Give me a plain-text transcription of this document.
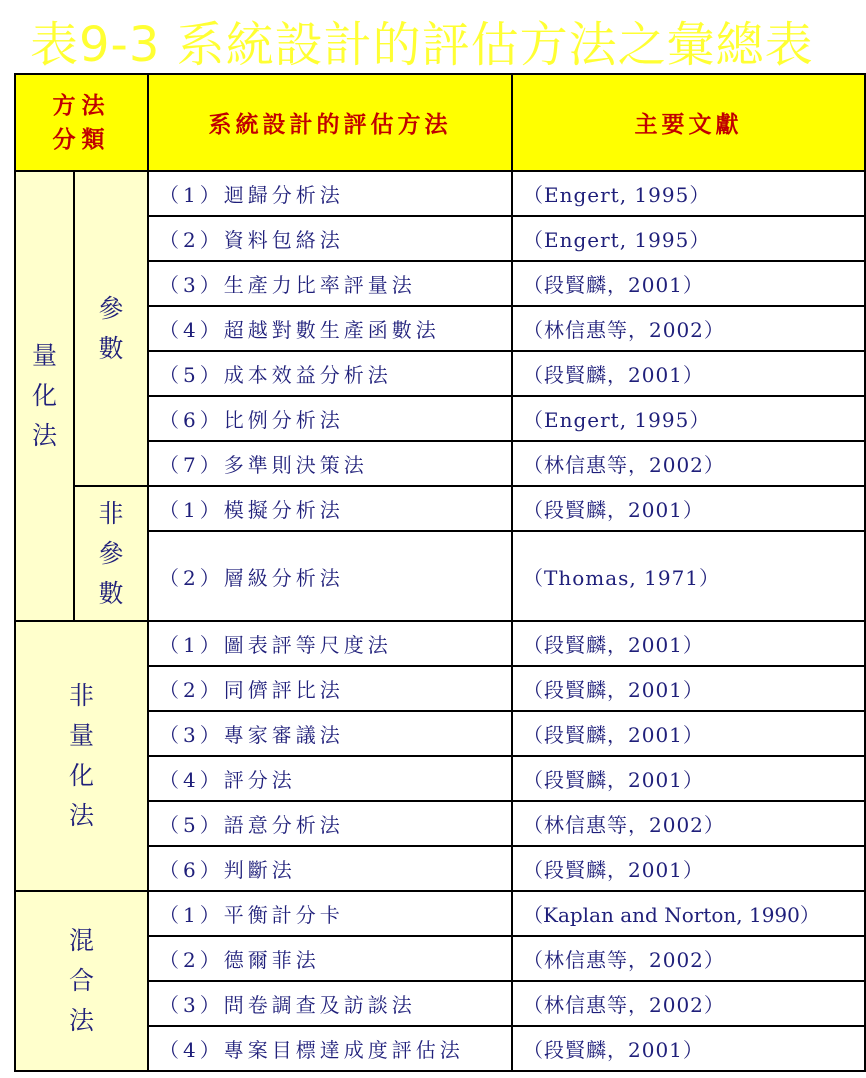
表9-3 系統設計的評估方法之彙總表
方法分類		系統設計的評估方法	主要文獻
量化法	參數	（1）迴歸分析法	（Engert, 1995）
		（2）資料包絡法	（Engert, 1995）
		（3）生產力比率評量法	（段賢麟，2001）
		（4）超越對數生產函數法	（林信惠等，2002）
		（5）成本效益分析法	（段賢麟，2001）
		（6）比例分析法	（Engert, 1995）
		（7）多準則決策法	（林信惠等，2002）
	非參數	（1）模擬分析法	（段賢麟，2001）
		（2）層級分析法	（Thomas, 1971）
非量化法		（1）圖表評等尺度法	（段賢麟，2001）
		（2）同儕評比法	（段賢麟，2001）
		（3）專家審議法	（段賢麟，2001）
		（4）評分法	（段賢麟，2001）
		（5）語意分析法	（林信惠等，2002）
		（6）判斷法	（段賢麟，2001）
混合法		（1）平衡計分卡	（Kaplan and Norton, 1990）
		（2）德爾菲法	（林信惠等，2002）
		（3）問卷調查及訪談法	（林信惠等，2002）
		（4）專案目標達成度評估法	（段賢麟，2001）
